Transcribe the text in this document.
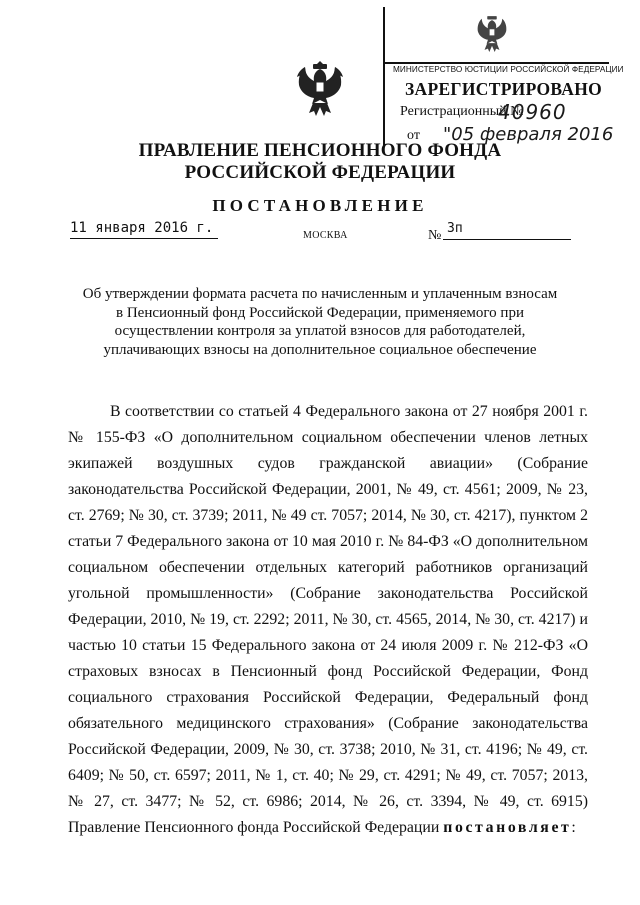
МИНИСТЕРСТВО ЮСТИЦИИ РОССИЙСКОЙ ФЕДЕРАЦИИ
ЗАРЕГИСТРИРОВАНО
Регистрационный №
40960
от "05 февраля 2016
ПРАВЛЕНИЕ ПЕНСИОННОГО ФОНДА
РОССИЙСКОЙ ФЕДЕРАЦИИ
ПОСТАНОВЛЕНИЕ
11 января 2016 г.	МОСКВА	№ 3п
Об утверждении формата расчета по начисленным и уплаченным взносам в Пенсионный фонд Российской Федерации, применяемого при осуществлении контроля за уплатой взносов для работодателей, уплачивающих взносы на дополнительное социальное обеспечение
В соответствии со статьей 4 Федерального закона от 27 ноября 2001 г. № 155-ФЗ «О дополнительном социальном обеспечении членов летных экипажей воздушных судов гражданской авиации» (Собрание законодательства Российской Федерации, 2001, № 49, ст. 4561; 2009, № 23, ст. 2769; № 30, ст. 3739; 2011, № 49 ст. 7057; 2014, № 30, ст. 4217), пунктом 2 статьи 7 Федерального закона от 10 мая 2010 г. № 84-ФЗ «О дополнительном социальном обеспечении отдельных категорий работников организаций угольной промышленности» (Собрание законодательства Российской Федерации, 2010, № 19, ст. 2292; 2011, № 30, ст. 4565, 2014, № 30, ст. 4217) и частью 10 статьи 15 Федерального закона от 24 июля 2009 г. № 212-ФЗ «О страховых взносах в Пенсионный фонд Российской Федерации, Фонд социального страхования Российской Федерации, Федеральный фонд обязательного медицинского страхования» (Собрание законодательства Российской Федерации, 2009, № 30, ст. 3738; 2010, № 31, ст. 4196; № 49, ст. 6409; № 50, ст. 6597; 2011, № 1, ст. 40; № 29, ст. 4291; № 49, ст. 7057; 2013, № 27, ст. 3477; № 52, ст. 6986; 2014, № 26, ст. 3394, № 49, ст. 6915) Правление Пенсионного фонда Российской Федерации постановляет:
